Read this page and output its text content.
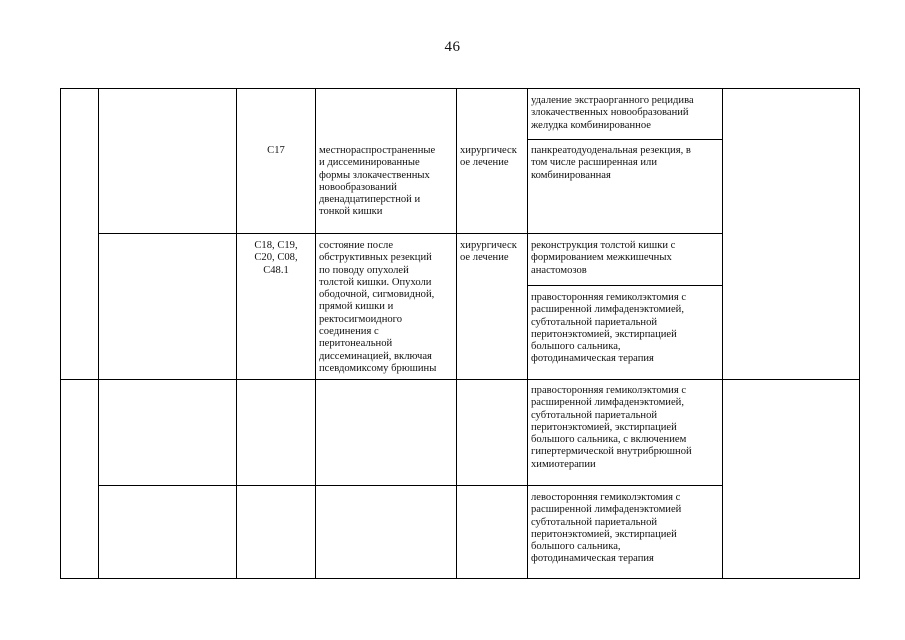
46
удаление экстраорганного рецидива
злокачественных новообразований
желудка комбинированное
C17	местнораспространенные
и диссеминированные
формы злокачественных
новообразований
двенадцатиперстной и
тонкой кишки
хирургическ
ое лечение
панкреатодуоденальная резекция, в
том числе расширенная или
комбинированная
C18, C19,
C20, C08,
C48.1
состояние после
обструктивных резекций
по поводу опухолей
толстой кишки. Опухоли
ободочной, сигмовидной,
прямой кишки и
ректосигмоидного
соединения с
перитонеальной
диссеминацией, включая
псевдомиксому брюшины
хирургическ
ое лечение
реконструкция толстой кишки с
формированием межкишечных
анастомозов
правосторонняя гемиколэктомия с
расширенной лимфаденэктомией,
субтотальной париетальной
перитонэктомией, экстирпацией
большого сальника,
фотодинамическая терапия
правосторонняя гемиколэктомия с
расширенной лимфаденэктомией,
субтотальной париетальной
перитонэктомией, экстирпацией
большого сальника, с включением
гипертермической внутрибрюшной
химиотерапии
левосторонняя гемиколэктомия с
расширенной лимфаденэктомией
субтотальной париетальной
перитонэктомией, экстирпацией
большого сальника,
фотодинамическая терапия
